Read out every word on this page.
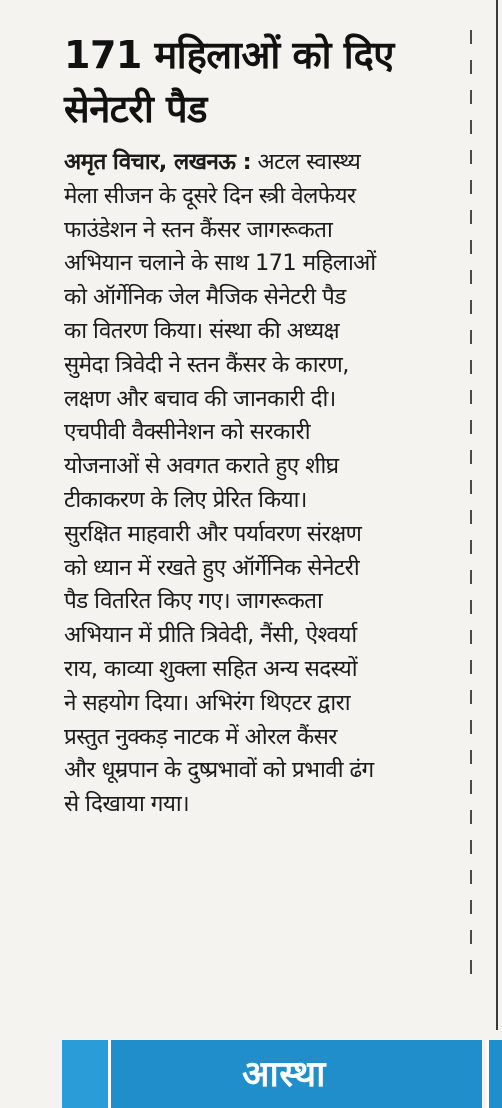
171 महिलाओं को दिए
सेनेटरी पैड
अमृत विचार, लखनऊ : अटल स्वास्थ्य
मेला सीजन के दूसरे दिन स्त्री वेलफेयर
फाउंडेशन ने स्तन कैंसर जागरूकता
अभियान चलाने के साथ 171 महिलाओं
को ऑर्गेनिक जेल मैजिक सेनेटरी पैड
का वितरण किया। संस्था की अध्यक्ष
सुमेदा त्रिवेदी ने स्तन कैंसर के कारण,
लक्षण और बचाव की जानकारी दी।
एचपीवी वैक्सीनेशन को सरकारी
योजनाओं से अवगत कराते हुए शीघ्र
टीकाकरण के लिए प्रेरित किया।
सुरक्षित माहवारी और पर्यावरण संरक्षण
को ध्यान में रखते हुए ऑर्गेनिक सेनेटरी
पैड वितरित किए गए। जागरूकता
अभियान में प्रीति त्रिवेदी, नैंसी, ऐश्वर्या
राय, काव्या शुक्ला सहित अन्य सदस्यों
ने सहयोग दिया। अभिरंग थिएटर द्वारा
प्रस्तुत नुक्कड़ नाटक में ओरल कैंसर
और धूम्रपान के दुष्प्रभावों को प्रभावी ढंग
से दिखाया गया।
आस्था
